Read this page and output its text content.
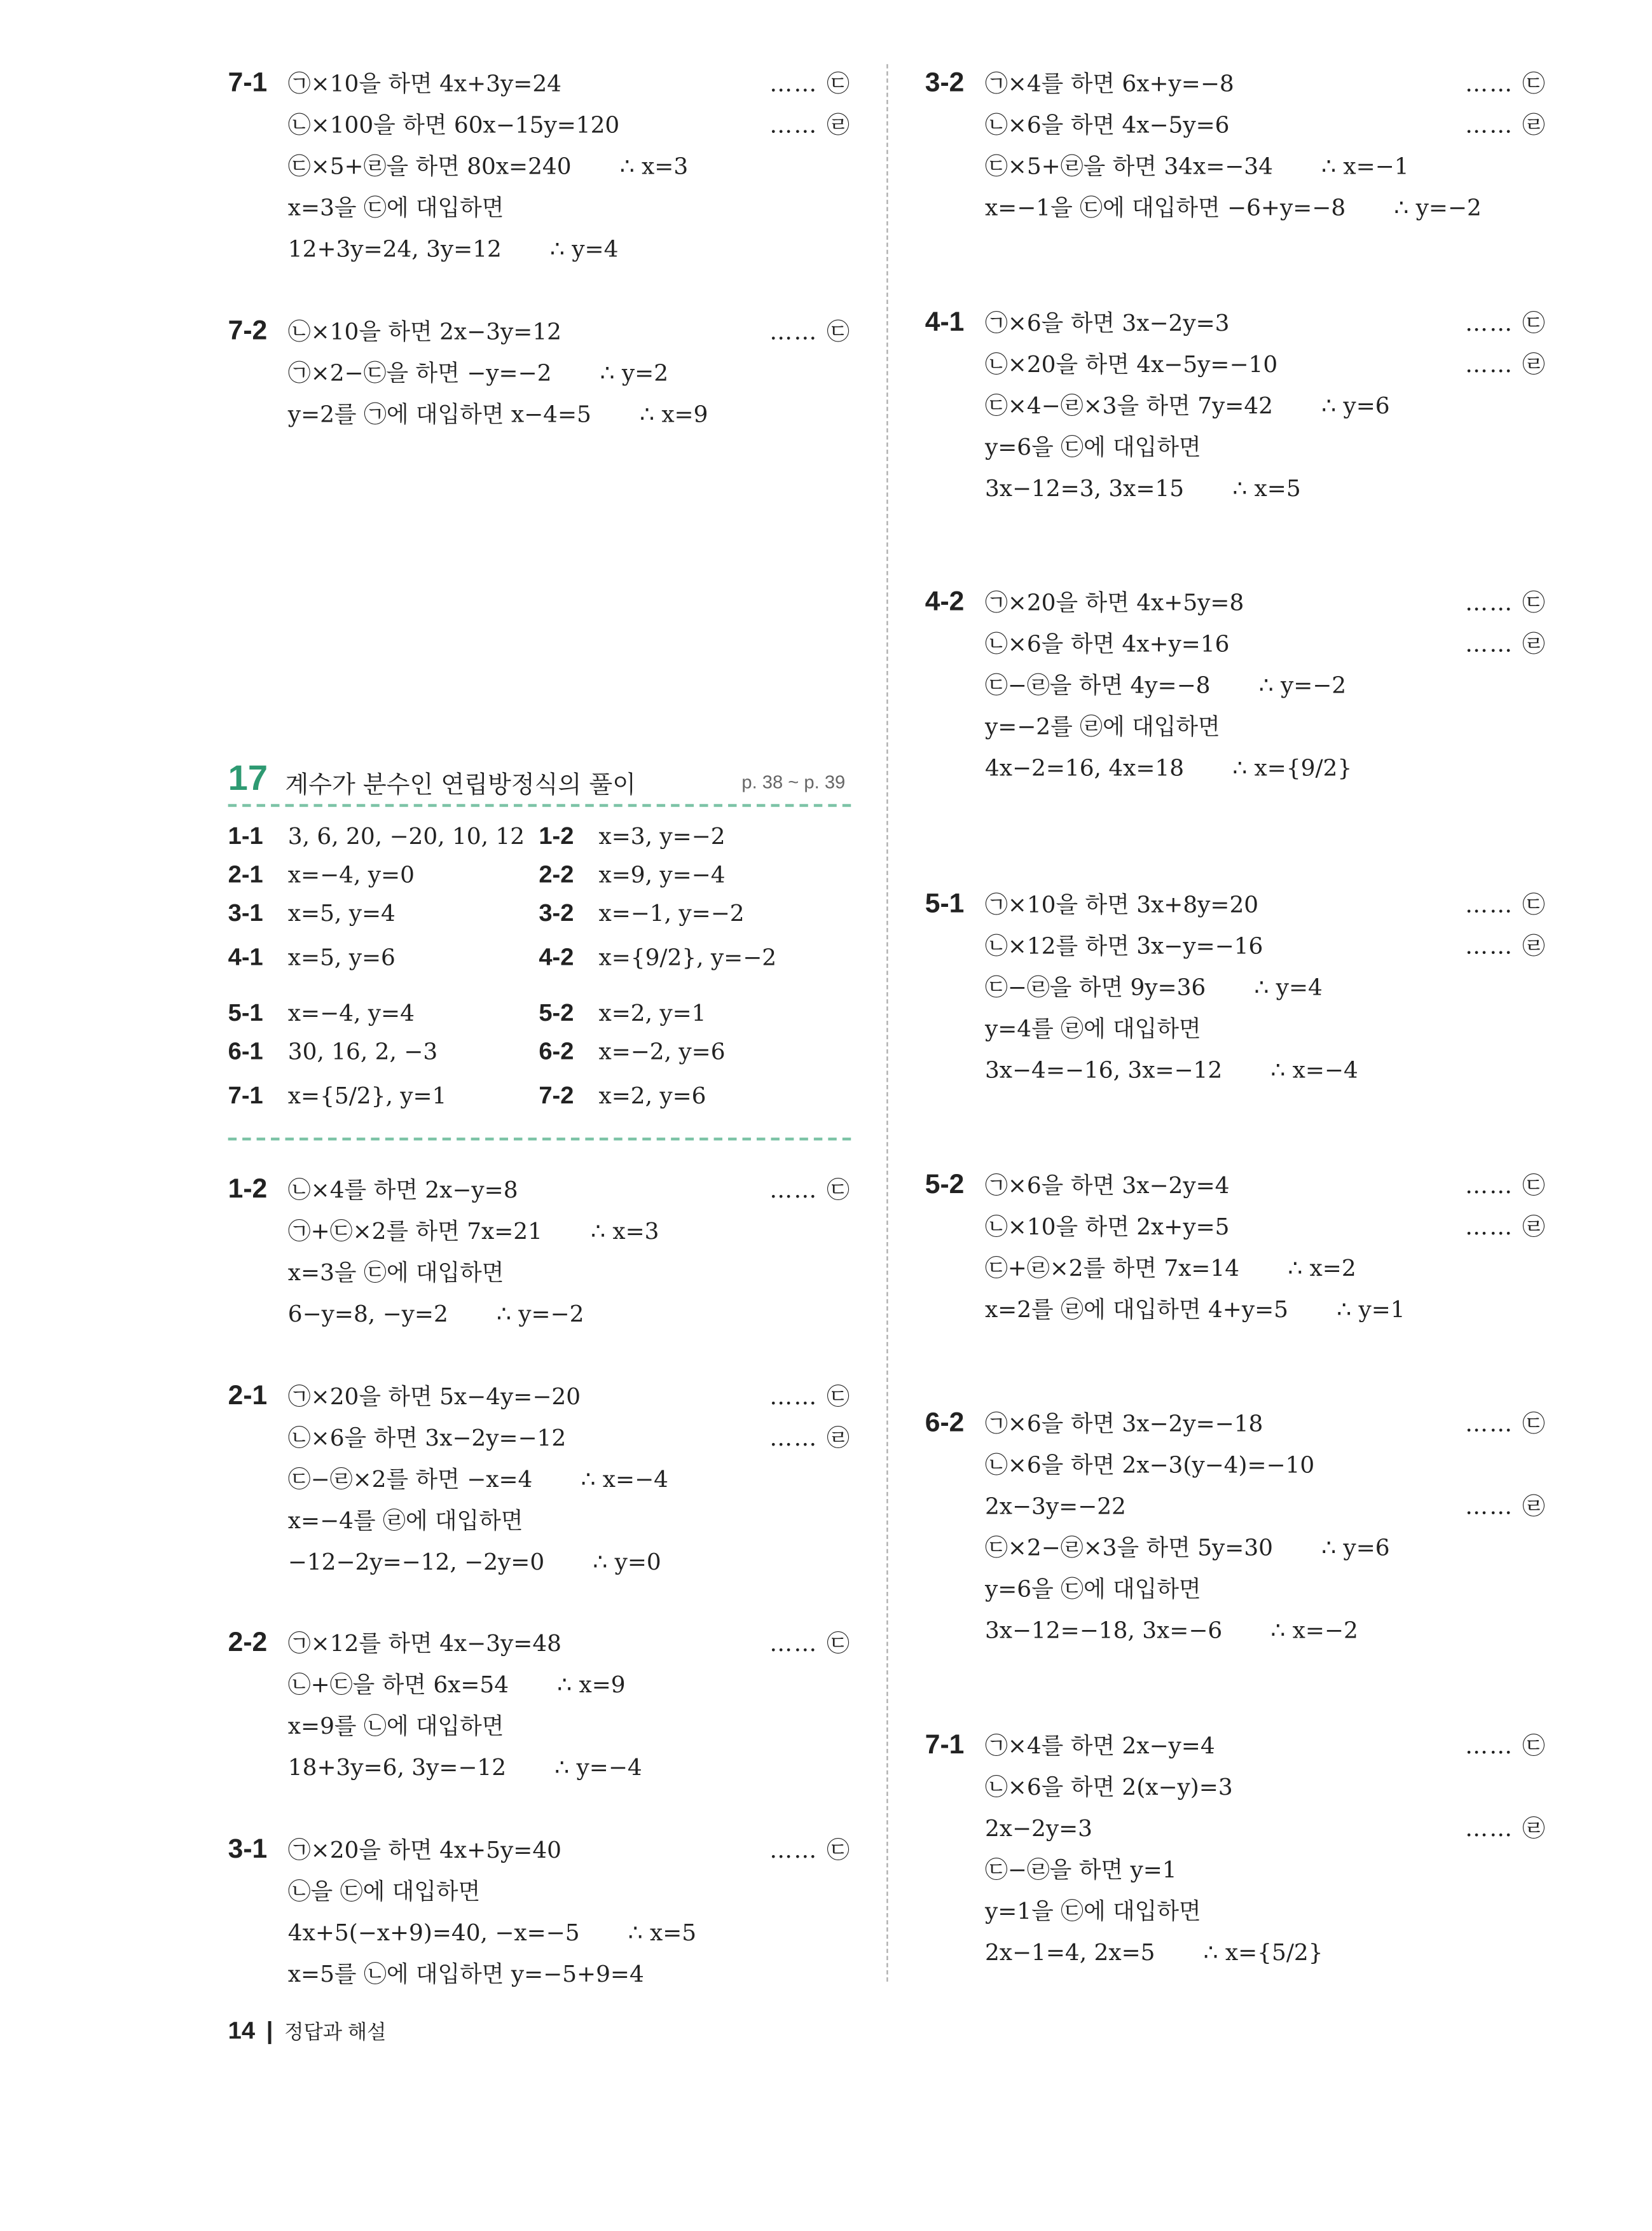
7-1 ㉠×10을 하면 4x+3y=24	…… ㉢
㉡×100을 하면 60x−15y=120	…… ㉣
㉢×5+㉣을 하면 80x=240	∴ x=3
x=3을 ㉢에 대입하면
12+3y=24, 3y=12	∴ y=4
7-2 ㉡×10을 하면 2x−3y=12	…… ㉢
㉠×2−㉢을 하면 −y=−2	∴ y=2
y=2를 ㉠에 대입하면 x−4=5	∴ x=9
1-2 ㉡×4를 하면 2x−y=8	…… ㉢
㉠+㉢×2를 하면 7x=21	∴ x=3
x=3을 ㉢에 대입하면
6−y=8, −y=2	∴ y=−2
2-1 ㉠×20을 하면 5x−4y=−20	…… ㉢
㉡×6을 하면 3x−2y=−12	…… ㉣
㉢−㉣×2를 하면 −x=4	∴ x=−4
x=−4를 ㉣에 대입하면
−12−2y=−12, −2y=0	∴ y=0
2-2 ㉠×12를 하면 4x−3y=48	…… ㉢
㉡+㉢을 하면 6x=54	∴ x=9
x=9를 ㉡에 대입하면
18+3y=6, 3y=−12	∴ y=−4
3-1 ㉠×20을 하면 4x+5y=40	…… ㉢
㉡을 ㉢에 대입하면
4x+5(−x+9)=40, −x=−5	∴ x=5
x=5를 ㉡에 대입하면 y=−5+9=4
3-2 ㉠×4를 하면 6x+y=−8	…… ㉢
㉡×6을 하면 4x−5y=6	…… ㉣
㉢×5+㉣을 하면 34x=−34	∴ x=−1
x=−1을 ㉢에 대입하면 −6+y=−8	∴ y=−2
4-1 ㉠×6을 하면 3x−2y=3	…… ㉢
㉡×20을 하면 4x−5y=−10	…… ㉣
㉢×4−㉣×3을 하면 7y=42	∴ y=6
y=6을 ㉢에 대입하면
3x−12=3, 3x=15	∴ x=5
4-2 ㉠×20을 하면 4x+5y=8	…… ㉢
㉡×6을 하면 4x+y=16	…… ㉣
㉢−㉣을 하면 4y=−8	∴ y=−2
y=−2를 ㉣에 대입하면
4x−2=16, 4x=18	∴ x={9/2}
5-1 ㉠×10을 하면 3x+8y=20	…… ㉢
㉡×12를 하면 3x−y=−16	…… ㉣
㉢−㉣을 하면 9y=36	∴ y=4
y=4를 ㉣에 대입하면
3x−4=−16, 3x=−12	∴ x=−4
5-2 ㉠×6을 하면 3x−2y=4	…… ㉢
㉡×10을 하면 2x+y=5	…… ㉣
㉢+㉣×2를 하면 7x=14	∴ x=2
x=2를 ㉣에 대입하면 4+y=5	∴ y=1
6-2 ㉠×6을 하면 3x−2y=−18	…… ㉢
㉡×6을 하면 2x−3(y−4)=−10
2x−3y=−22	…… ㉣
㉢×2−㉣×3을 하면 5y=30	∴ y=6
y=6을 ㉢에 대입하면
3x−12=−18, 3x=−6	∴ x=−2
7-1 ㉠×4를 하면 2x−y=4	…… ㉢
㉡×6을 하면 2(x−y)=3
2x−2y=3	…… ㉣
㉢−㉣을 하면 y=1
y=1을 ㉢에 대입하면
2x−1=4, 2x=5	∴ x={5/2}
17 계수가 분수인 연립방정식의 풀이	p. 38 ~ p. 39
1-1 3, 6, 20, −20, 10, 12 1-2 x=3, y=−2
2-1 x=−4, y=0	2-2 x=9, y=−4
3-1 x=5, y=4	3-2 x=−1, y=−2
4-1 x=5, y=6	4-2 x={9/2}, y=−2
5-1 x=−4, y=4	5-2 x=2, y=1
6-1 30, 16, 2, −3	6-2 x=−2, y=6
7-1 x={5/2}, y=1	7-2 x=2, y=6
14 | 정답과 해설
